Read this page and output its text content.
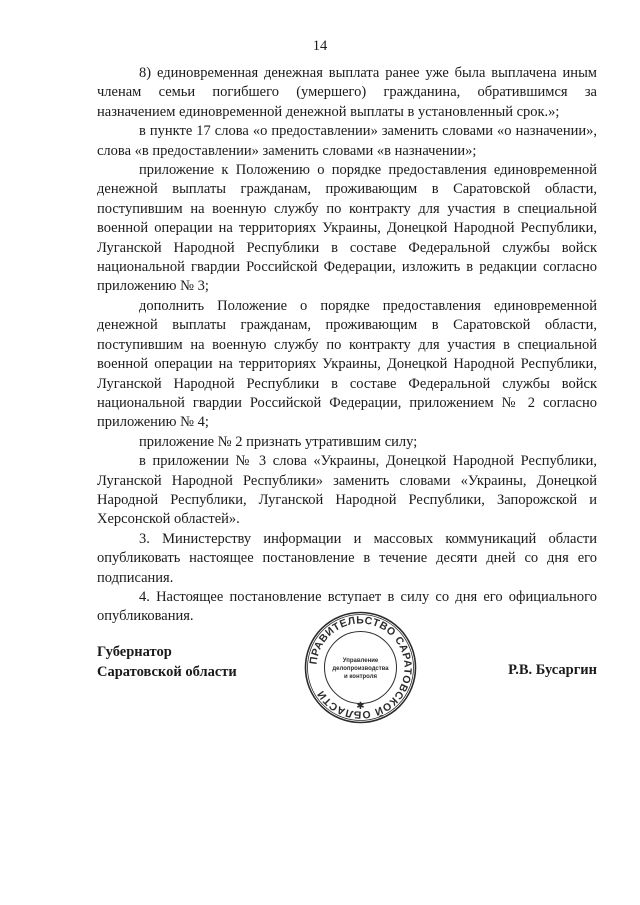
14

8) единовременная денежная выплата ранее уже была выплачена иным членам семьи погибшего (умершего) гражданина, обратившимся за назначением единовременной денежной выплаты в установленный срок.»;

в пункте 17 слова «о предоставлении» заменить словами «о назначении», слова «в предоставлении» заменить словами «в назначении»;

приложение к Положению о порядке предоставления единовременной денежной выплаты гражданам, проживающим в Саратовской области, поступившим на военную службу по контракту для участия в специальной военной операции на территориях Украины, Донецкой Народной Республики, Луганской Народной Республики в составе Федеральной службы войск национальной гвардии Российской Федерации, изложить в редакции согласно приложению № 3;

дополнить Положение о порядке предоставления единовременной денежной выплаты гражданам, проживающим в Саратовской области, поступившим на военную службу по контракту для участия в специальной военной операции на территориях Украины, Донецкой Народной Республики, Луганской Народной Республики в составе Федеральной службы войск национальной гвардии Российской Федерации, приложением № 2 согласно приложению № 4;

приложение № 2 признать утратившим силу;

в приложении № 3 слова «Украины, Донецкой Народной Республики, Луганской Народной Республики» заменить словами «Украины, Донецкой Народной Республики, Луганской Народной Республики, Запорожской и Херсонской областей».

3. Министерству информации и массовых коммуникаций области опубликовать настоящее постановление в течение десяти дней со дня его подписания.

4. Настоящее постановление вступает в силу со дня его официального опубликования.

Губернатор
Саратовской области
ПРАВИТЕЛЬСТВО САРАТОВСКОЙ ОБЛАСТИ
Управление
делопроизводства
и контроля
✱
Р.В. Бусаргин
